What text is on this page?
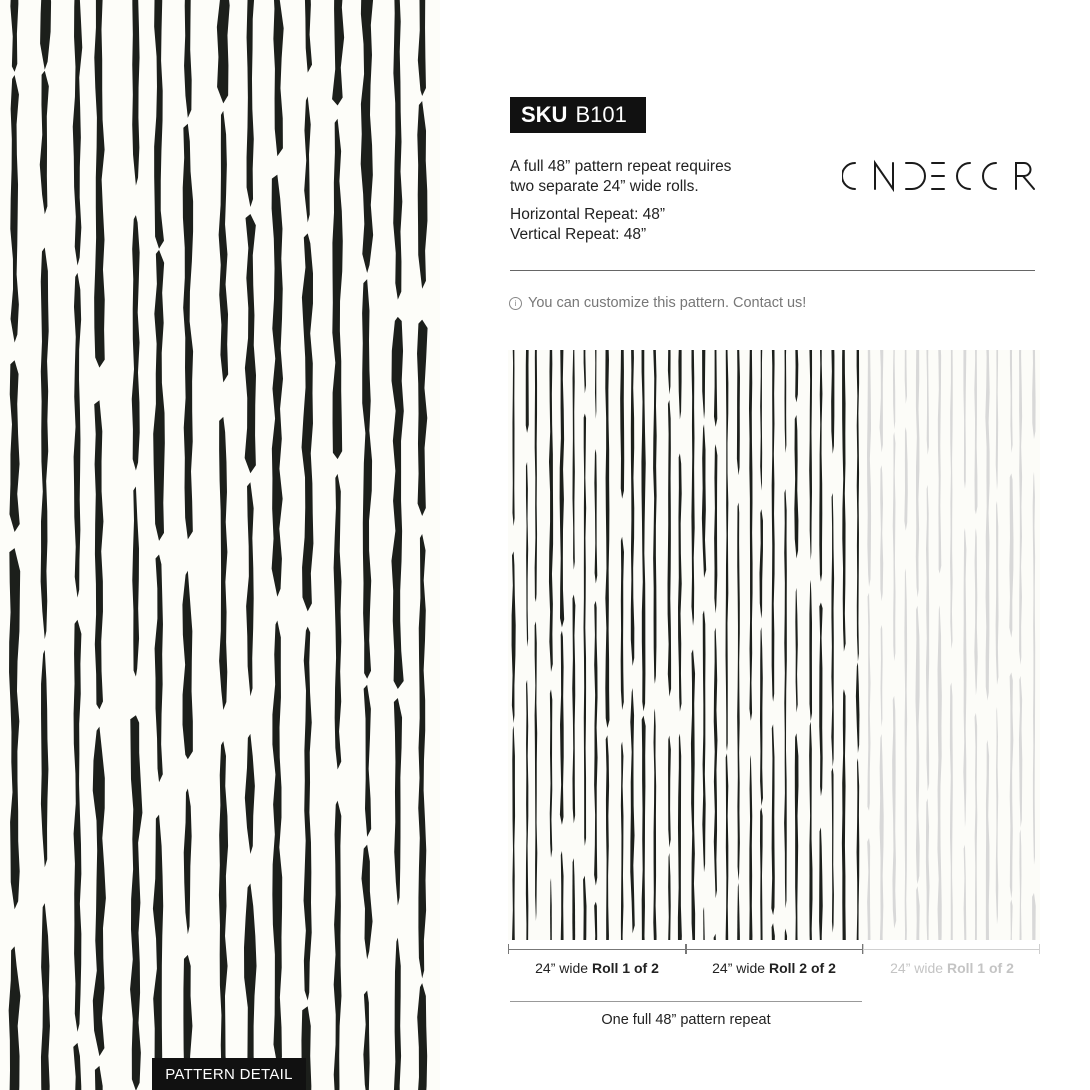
PATTERN DETAIL
SKU B101

A full 48” pattern repeat requires

two separate 24” wide rolls.

Horizontal Repeat: 48”

Vertical Repeat: 48”

i You can customize this pattern. Contact us!
24” wide Roll 1 of 2	24” wide Roll 2 of 2	24” wide Roll 1 of 2
One full 48” pattern repeat
